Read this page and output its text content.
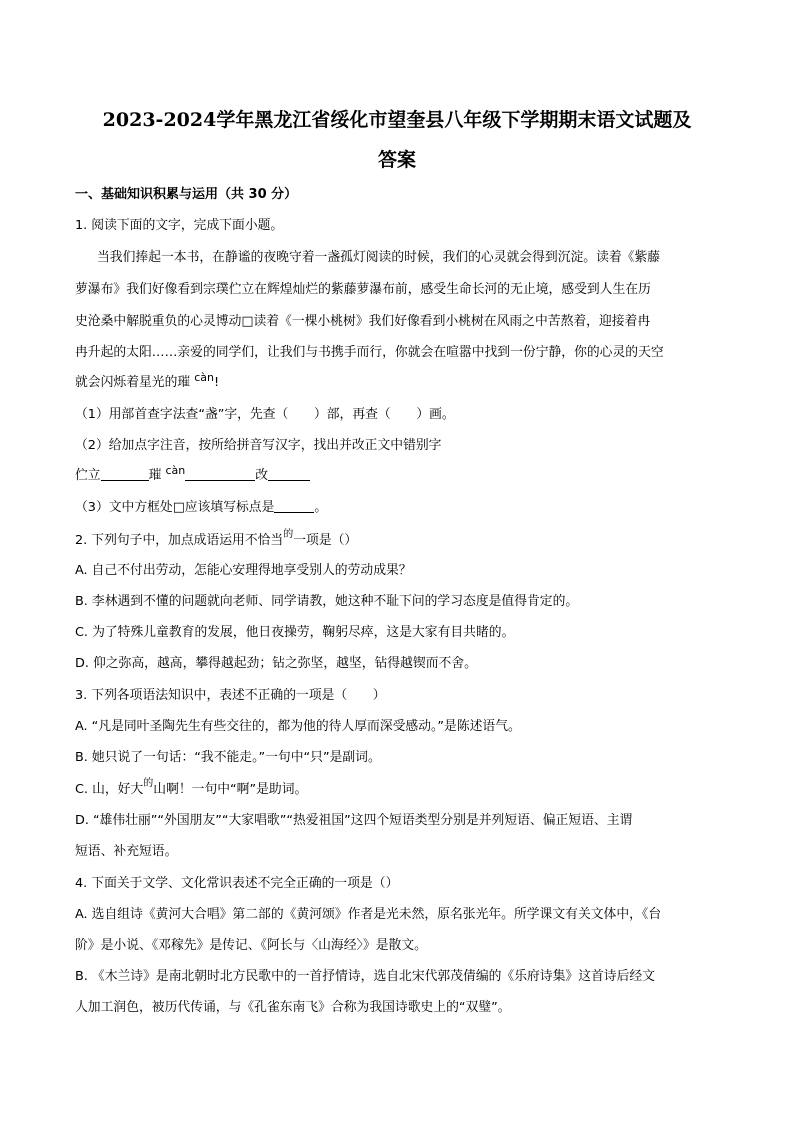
2023-2024学年黑龙江省绥化市望奎县八年级下学期期末语文试题及
答案
一、基础知识积累与运用（共 30 分）
1. 阅读下面的文字，完成下面小题。
当我们捧起一本书，在静谧的夜晚守着一盏孤灯阅读的时候，我们的心灵就会得到沉淀。读着《紫藤
萝瀑布》我们好像看到宗璞伫立在辉煌灿烂的紫藤萝瀑布前，感受生命长河的无止境，感受到人生在历
史沧桑中解脱重负的心灵博动□读着《一棵小桃树》我们好像看到小桃树在风雨之中苦熬着，迎接着冉
冉升起的太阳……亲爱的同学们，让我们与书携手而行，你就会在喧嚣中找到一份宁静，你的心灵的天空
就会闪烁着星光的璀 càn!
（1）用部首查字法查“盏”字，先查（　　）部，再查（　　）画。
（2）给加点字注音，按所给拼音写汉字，找出并改正文中错别字
伫立	璀 càn	改
（3）文中方框处□应该填写标点是	。
2. 下列句子中，加点成语运用不恰当$^的$一项是（）
A. 自己不付出劳动，怎能心安理得地享受别人的劳动成果？
B. 李林遇到不懂的问题就向老师、同学请教，她这种不耻下问的学习态度是值得肯定的。
C. 为了特殊儿童教育的发展，他日夜操劳，鞠躬尽瘁，这是大家有目共睹的。
D. 仰之弥高，越高，攀得越起劲；钻之弥坚，越坚，钻得越锲而不舍。
3. 下列各项语法知识中，表述不正确的一项是（　　）
A. “凡是同叶圣陶先生有些交往的，都为他的待人厚而深受感动。”是陈述语气。
B. 她只说了一句话：“我不能走。”一句中“只”是副词。
C. 山，好大$^的$山啊！一句中“啊”是助词。
D. “雄伟壮丽”“外国朋友”“大家唱歌”“热爱祖国”这四个短语类型分别是并列短语、偏正短语、主谓
短语、补充短语。
4. 下面关于文学、文化常识表述不完全正确的一项是（）
A. 选自组诗《黄河大合唱》第二部的《黄河颂》作者是光未然，原名张光年。所学课文有关文体中，《台
阶》是小说、《邓稼先》是传记、《阿长与〈山海经〉》是散文。
B. 《木兰诗》是南北朝时北方民歌中的一首抒情诗，选自北宋代郭茂倩编的《乐府诗集》这首诗后经文
人加工润色，被历代传诵，与《孔雀东南飞》合称为我国诗歌史上的“双璧”。
